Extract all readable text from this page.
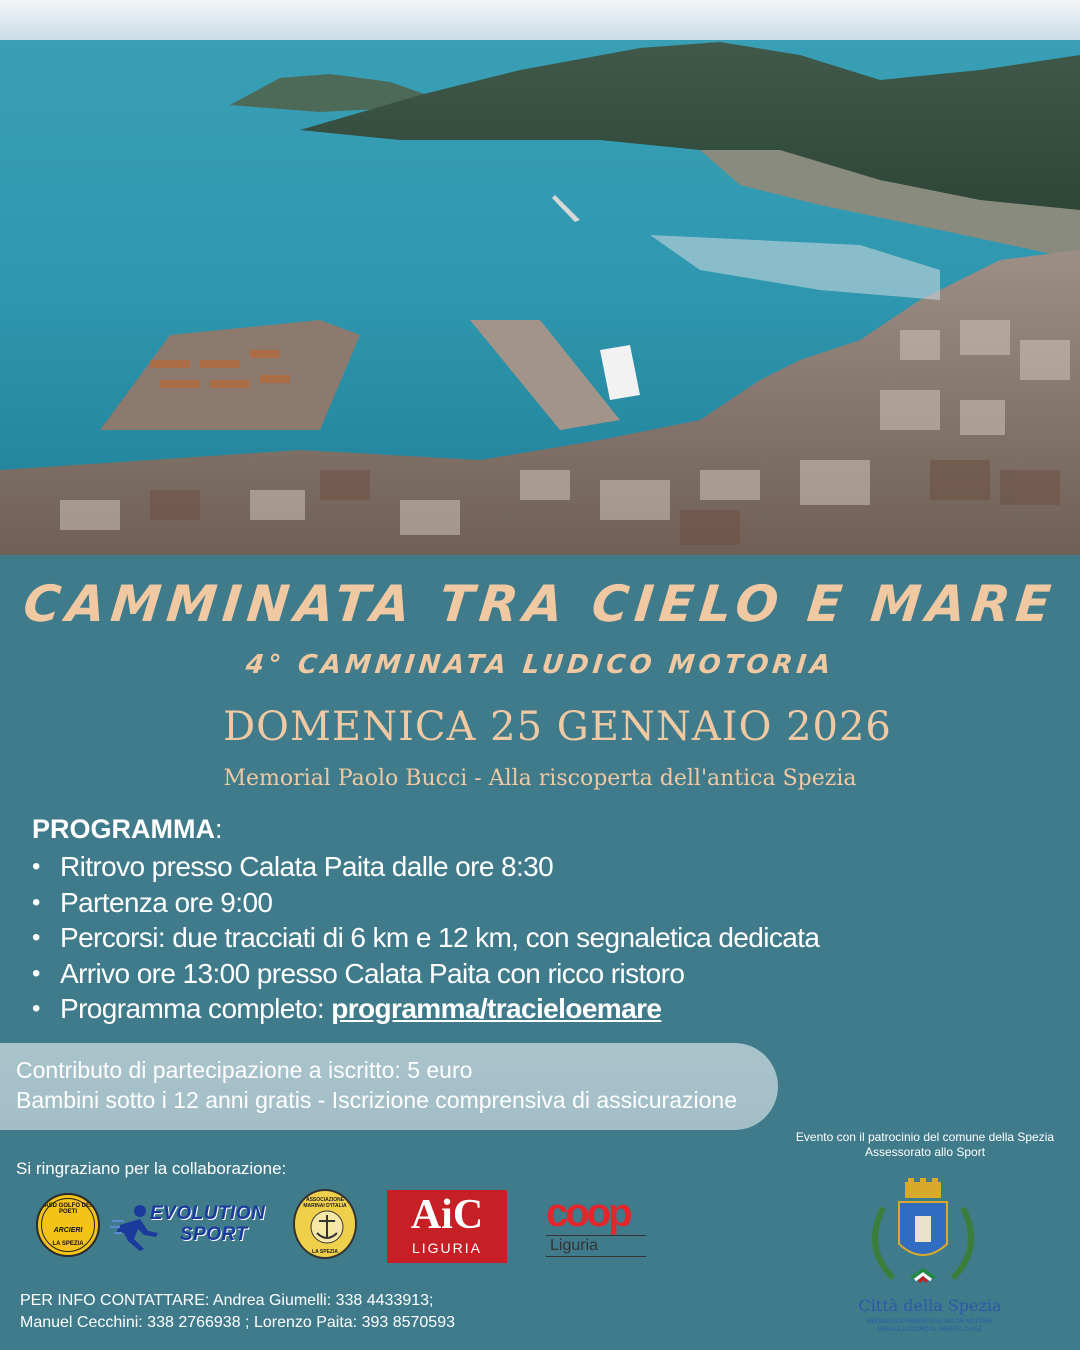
CAMMINATA TRA CIELO E MARE
4° CAMMINATA LUDICO MOTORIA
DOMENICA 25 GENNAIO 2026
Memorial Paolo Bucci - Alla riscoperta dell'antica Spezia
PROGRAMMA:
• Ritrovo presso Calata Paita dalle ore 8:30
• Partenza ore 9:00
• Percorsi: due tracciati di 6 km e 12 km, con segnaletica dedicata
• Arrivo ore 13:00 presso Calata Paita con ricco ristoro
• Programma completo: programma/tracieloemare
Contributo di partecipazione a iscritto: 5 euro
Bambini sotto i 12 anni gratis - Iscrizione comprensiva di assicurazione
Evento con il patrocinio del comune della Spezia
Assessorato allo Sport
Si ringraziano per la collaborazione:
ASD GOLFO DEI POETI
ARCIERI
LA SPEZIA
EVOLUTION
SPORT
ASSOCIAZIONE MARINAI D'ITALIA
LA SPEZIA
AiC
LIGURIA
coop
Liguria
Città della Spezia
MEDAGLIA D'ARGENTO AL VALOR MILITARE
MEDAGLIA D'ORO AL MERITO CIVILE
PER INFO CONTATTARE: Andrea Giumelli: 338 4433913;
Manuel Cecchini: 338 2766938 ; Lorenzo Paita: 393 8570593
